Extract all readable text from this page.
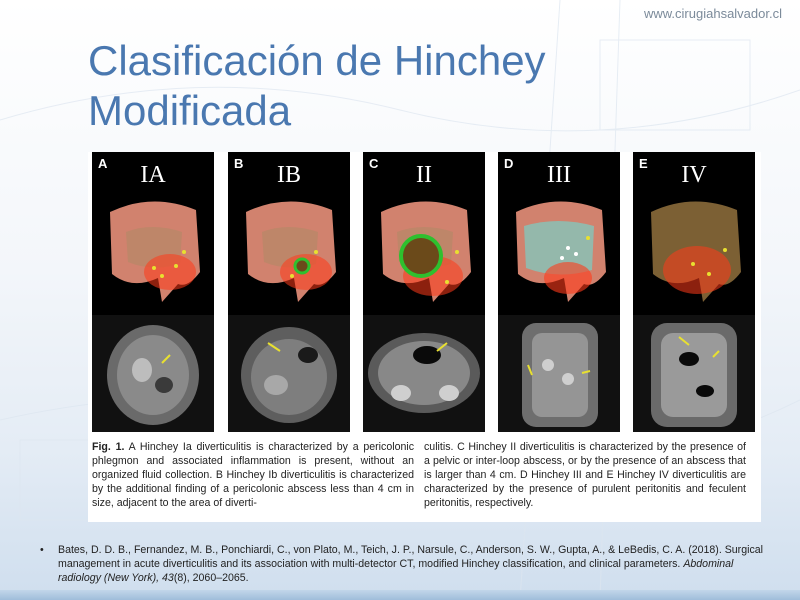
www.cirugiahsalvador.cl
Clasificación de Hinchey
Modificada
A	IA	B	IB	C	II	D	III	E	IV
Fig. 1. A Hinchey Ia diverticulitis is characterized by a pericolonic phlegmon and associated inflammation is present, without an organized fluid collection. B Hinchey Ib diverticulitis is characterized by the additional finding of a pericolonic abscess less than 4 cm in size, adjacent to the area of diverti-
culitis. C Hinchey II diverticulitis is characterized by the presence of a pelvic or inter-loop abscess, or by the presence of an abscess that is larger than 4 cm. D Hinchey III and E Hinchey IV diverticulitis are characterized by the presence of purulent peritonitis and feculent peritonitis, respectively.
• Bates, D. D. B., Fernandez, M. B., Ponchiardi, C., von Plato, M., Teich, J. P., Narsule, C., Anderson, S. W., Gupta, A., & LeBedis, C. A. (2018). Surgical management in acute diverticulitis and its association with multi-detector CT, modified Hinchey classification, and clinical parameters. Abdominal radiology (New York), 43(8), 2060–2065.
